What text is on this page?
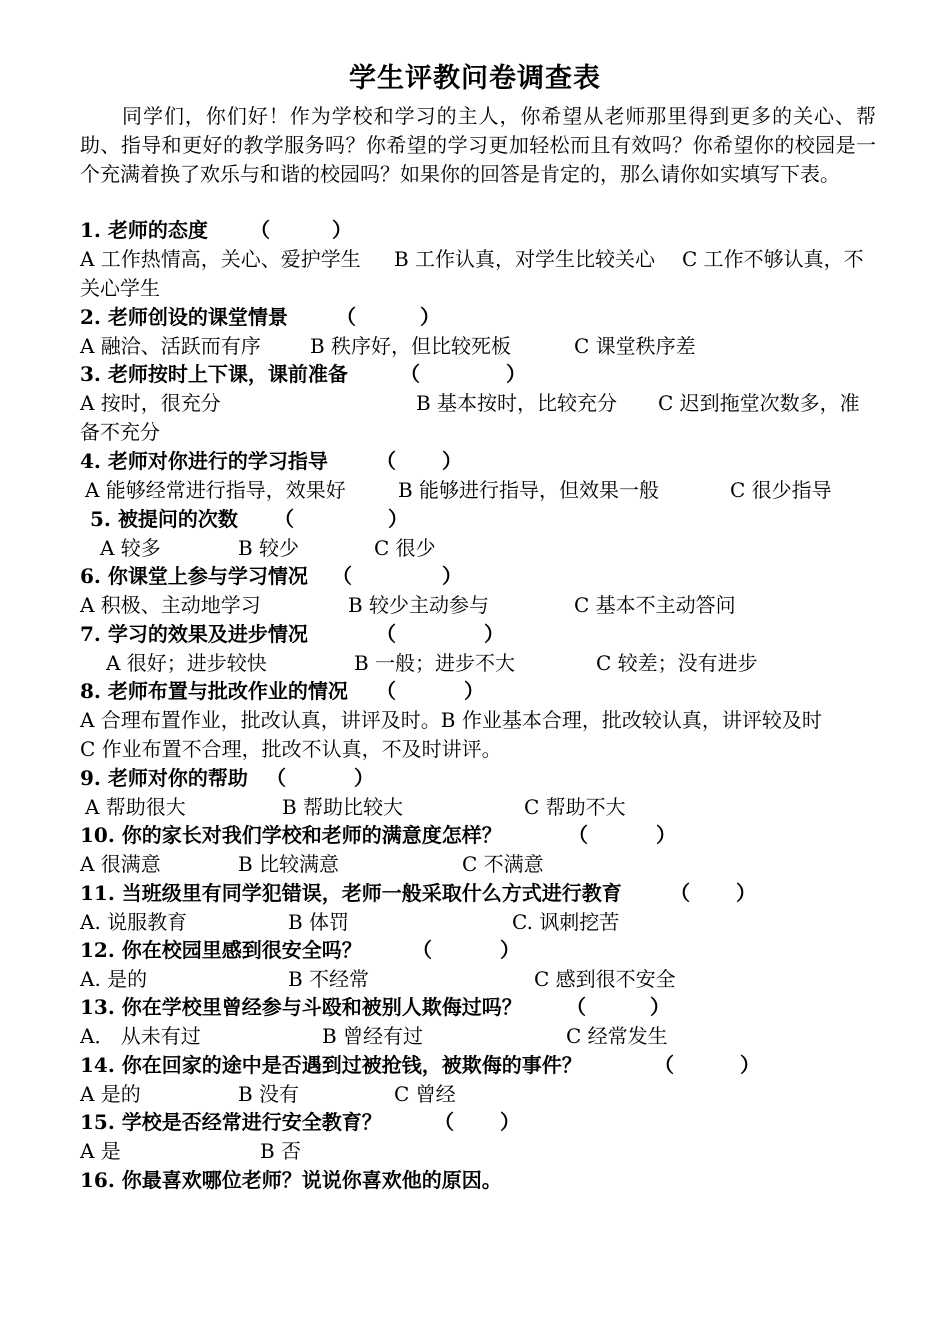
学生评教问卷调查表
同学们，你们好！作为学校和学习的主人，你希望从老师那里得到更多的关心、帮助、指导和更好的教学服务吗？你希望的学习更加轻松而且有效吗？你希望你的校园是一个充满着换了欢乐与和谐的校园吗？如果你的回答是肯定的，那么请你如实填写下表。
1. 老师的态度 （	）
A 工作热情高，关心、爱护学生 B 工作认真，对学生比较关心 C 工作不够认真，不
关心学生
2. 老师创设的课堂情景 （	）
A 融洽、活跃而有序 B 秩序好，但比较死板	C 课堂秩序差
3. 老师按时上下课，课前准备	（	）
A 按时，很充分	B 基本按时，比较充分 C 迟到拖堂次数多，准
备不充分
4. 老师对你进行的学习指导 （ ）
A 能够经常进行指导，效果好	B 能够进行指导，但效果一般	C 很少指导
5. 被提问的次数 （	）
A 较多	B 较少	C 很少
6. 你课堂上参与学习情况 （	）
A 积极、主动地学习	B 较少主动参与	C 基本不主动答问
7. 学习的效果及进步情况	（	）
A 很好；进步较快	B 一般；进步不大	C 较差；没有进步
8. 老师布置与批改作业的情况 （	）
A 合理布置作业，批改认真，讲评及时。B 作业基本合理，批改较认真，讲评较及时
C 作业布置不合理，批改不认真，不及时讲评。
9. 老师对你的帮助 （	）
A 帮助很大	B 帮助比较大	C 帮助不大
10. 你的家长对我们学校和老师的满意度怎样？	（	）
A 很满意	B 比较满意	C 不满意
11. 当班级里有同学犯错误，老师一般采取什么方式进行教育 （ ）
A. 说服教育	B 体罚	C. 讽刺挖苦
12. 你在校园里感到很安全吗？	（	）
A. 是的	B 不经常	C 感到很不安全
13. 你在学校里曾经参与斗殴和被别人欺侮过吗？ （	）
A． 从未有过	B 曾经有过	C 经常发生
14. 你在回家的途中是否遇到过被抢钱，被欺侮的事件？	（	）
A 是的	B 没有	C 曾经
15. 学校是否经常进行安全教育？	（ ）
A 是	B 否
16. 你最喜欢哪位老师？说说你喜欢他的原因。
